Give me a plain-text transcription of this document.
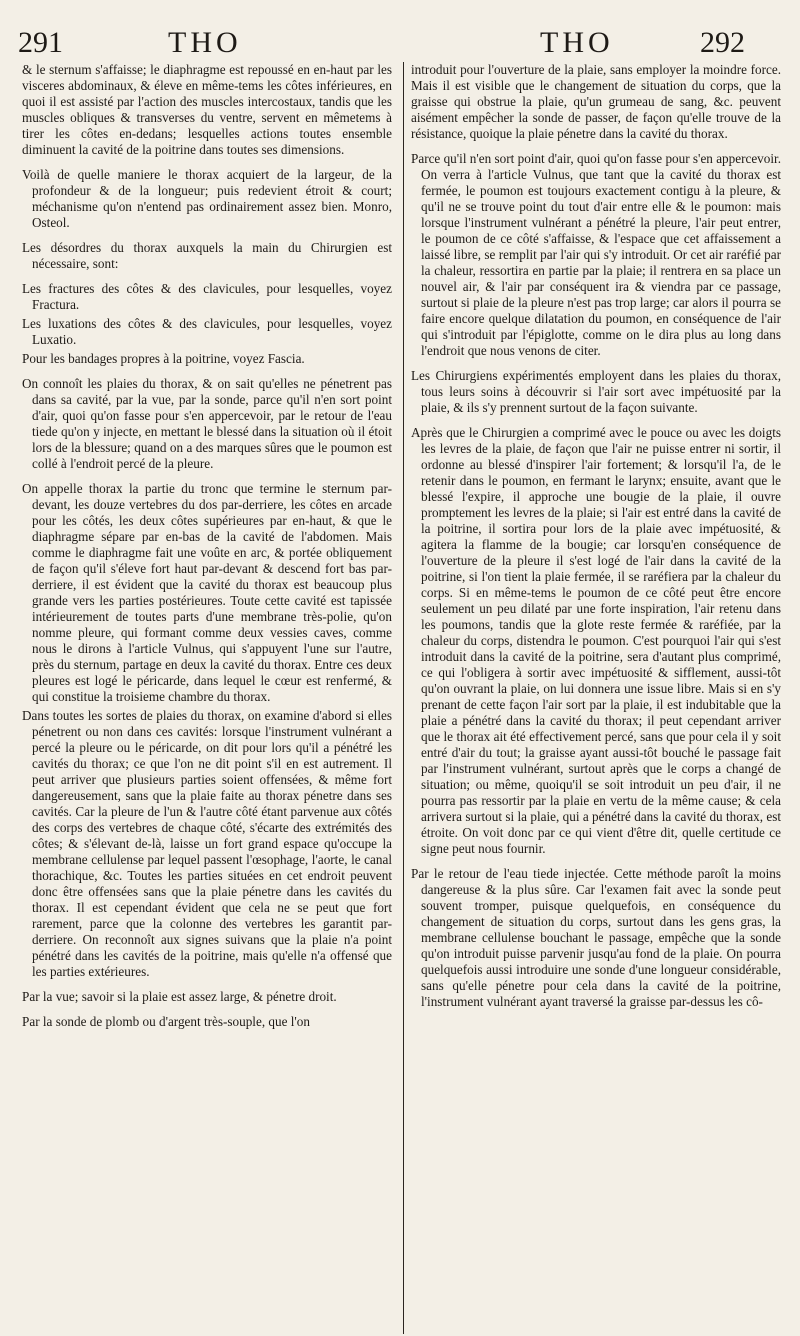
291	THO	THO	292

& le sternum s'affaisse; le diaphragme est repoussé en en-haut par les visceres abdominaux, & éleve en même-tems les côtes inférieures, en quoi il est assisté par l'action des muscles intercostaux, tandis que les muscles obliques & transverses du ventre, servent en mêmetems à tirer les côtes en-dedans; lesquelles actions toutes ensemble diminuent la cavité de la poitrine dans toutes ses dimensions.

Voilà de quelle maniere le thorax acquiert de la largeur, de la profondeur & de la longueur; puis redevient étroit & court; méchanisme qu'on n'entend pas ordinairement assez bien. Monro, Osteol.

Les désordres du thorax auxquels la main du Chirurgien est nécessaire, sont:

Les fractures des côtes & des clavicules, pour lesquelles, voyez Fractura.

Les luxations des côtes & des clavicules, pour lesquelles, voyez Luxatio.

Pour les bandages propres à la poitrine, voyez Fascia.

On connoît les plaies du thorax, & on sait qu'elles ne pénetrent pas dans sa cavité, par la vue, par la sonde, parce qu'il n'en sort point d'air, quoi qu'on fasse pour s'en appercevoir, par le retour de l'eau tiede qu'on y injecte, en mettant le blessé dans la situation où il étoit lors de la blessure; quand on a des marques sûres que le poumon est collé à l'endroit percé de la pleure.

On appelle thorax la partie du tronc que termine le sternum par-devant, les douze vertebres du dos par-derriere, les côtes en arcade pour les côtés, les deux côtes supérieures par en-haut, & que le diaphragme sépare par en-bas de la cavité de l'abdomen. Mais comme le diaphragme fait une voûte en arc, & portée obliquement de façon qu'il s'éleve fort haut par-devant & descend fort bas par-derriere, il est évident que la cavité du thorax est beaucoup plus grande vers les parties postérieures. Toute cette cavité est tapissée intérieurement de toutes parts d'une membrane très-polie, qu'on nomme pleure, qui formant comme deux vessies caves, comme nous le dirons à l'article Vulnus, qui s'appuyent l'une sur l'autre, près du sternum, partage en deux la cavité du thorax. Entre ces deux pleures est logé le péricarde, dans lequel le cœur est renfermé, & qui constitue la troisieme chambre du thorax.

Dans toutes les sortes de plaies du thorax, on examine d'abord si elles pénetrent ou non dans ces cavités: lorsque l'instrument vulnérant a percé la pleure ou le péricarde, on dit pour lors qu'il a pénétré les cavités du thorax; ce que l'on ne dit point s'il en est autrement. Il peut arriver que plusieurs parties soient offensées, & même fort dangereusement, sans que la plaie faite au thorax pénetre dans ses cavités. Car la pleure de l'un & l'autre côté étant parvenue aux côtés des corps des vertebres de chaque côté, s'écarte des extrémités des côtes; & s'élevant de-là, laisse un fort grand espace qu'occupe la membrane cellulense par lequel passent l'œsophage, l'aorte, le canal thorachique, &c. Toutes les parties situées en cet endroit peuvent donc être offensées sans que la plaie pénetre dans les cavités du thorax. Il est cependant évident que cela ne se peut que fort rarement, parce que la colonne des vertebres les garantit par-derriere. On reconnoît aux signes suivans que la plaie n'a point pénétré dans les cavités de la poitrine, mais qu'elle n'a offensé que les parties extérieures.

Par la vue; savoir si la plaie est assez large, & pénetre droit.

Par la sonde de plomb ou d'argent très-souple, que l'on

introduit pour l'ouverture de la plaie, sans employer la moindre force. Mais il est visible que le changement de situation du corps, que la graisse qui obstrue la plaie, qu'un grumeau de sang, &c. peuvent aisément empêcher la sonde de passer, de façon qu'elle trouve de la résistance, quoique la plaie pénetre dans la cavité du thorax.

Parce qu'il n'en sort point d'air, quoi qu'on fasse pour s'en appercevoir. On verra à l'article Vulnus, que tant que la cavité du thorax est fermée, le poumon est toujours exactement contigu à la pleure, & qu'il ne se trouve point du tout d'air entre elle & le poumon: mais lorsque l'instrument vulnérant a pénétré la pleure, l'air peut entrer, le poumon de ce côté s'affaisse, & l'espace que cet affaissement a laissé libre, se remplit par l'air qui s'y introduit. Or cet air raréfié par la chaleur, ressortira en partie par la plaie; il rentrera en sa place un nouvel air, & l'air par conséquent ira & viendra par ce passage, surtout si plaie de la pleure n'est pas trop large; car alors il pourra se faire encore quelque dilatation du poumon, en conséquence de l'air qui s'introduit par l'épiglotte, comme on le dira plus au long dans l'endroit que nous venons de citer.

Les Chirurgiens expérimentés employent dans les plaies du thorax, tous leurs soins à découvrir si l'air sort avec impétuosité par la plaie, & ils s'y prennent surtout de la façon suivante.

Après que le Chirurgien a comprimé avec le pouce ou avec les doigts les levres de la plaie, de façon que l'air ne puisse entrer ni sortir, il ordonne au blessé d'inspirer l'air fortement; & lorsqu'il l'a, de le retenir dans le poumon, en fermant le larynx; ensuite, avant que le blessé l'expire, il approche une bougie de la plaie, il ouvre promptement les levres de la plaie; si l'air est entré dans la cavité de la poitrine, il sortira pour lors de la plaie avec impétuosité, & agitera la flamme de la bougie; car lorsqu'en conséquence de l'ouverture de la pleure il s'est logé de l'air dans la cavité de la poitrine, si l'on tient la plaie fermée, il se raréfiera par la chaleur du corps. Si en même-tems le poumon de ce côté peut être encore seulement un peu dilaté par une forte inspiration, l'air retenu dans les poumons, tandis que la glote reste fermée & raréfiée, par la chaleur du corps, distendra le poumon. C'est pourquoi l'air qui s'est introduit dans la cavité de la poitrine, sera d'autant plus comprimé, ce qui l'obligera à sortir avec impétuosité & sifflement, aussi-tôt qu'on ouvrant la plaie, on lui donnera une issue libre. Mais si en s'y prenant de cette façon l'air sort par la plaie, il est indubitable que la plaie a pénétré dans la cavité du thorax; il peut cependant arriver que le thorax ait été effectivement percé, sans que pour cela il y soit entré d'air du tout; la graisse ayant aussi-tôt bouché le passage fait par l'instrument vulnérant, surtout après que le corps a changé de situation; ou même, quoiqu'il se soit introduit un peu d'air, il ne pourra pas ressortir par la plaie en vertu de la même cause; & cela arrivera surtout si la plaie, qui a pénétré dans la cavité du thorax, est étroite. On voit donc par ce qui vient d'être dit, quelle certitude ce signe peut nous fournir.

Par le retour de l'eau tiede injectée. Cette méthode paroît la moins dangereuse & la plus sûre. Car l'examen fait avec la sonde peut souvent tromper, puisque quelquefois, en conséquence du changement de situation du corps, surtout dans les gens gras, la membrane cellulense bouchant le passage, empêche que la sonde qu'on introduit puisse parvenir jusqu'au fond de la plaie. On pourra quelquefois aussi introduire une sonde d'une longueur considérable, sans qu'elle pénetre pour cela dans la cavité de la poitrine, l'instrument vulnérant ayant traversé la graisse par-dessus les cô-
